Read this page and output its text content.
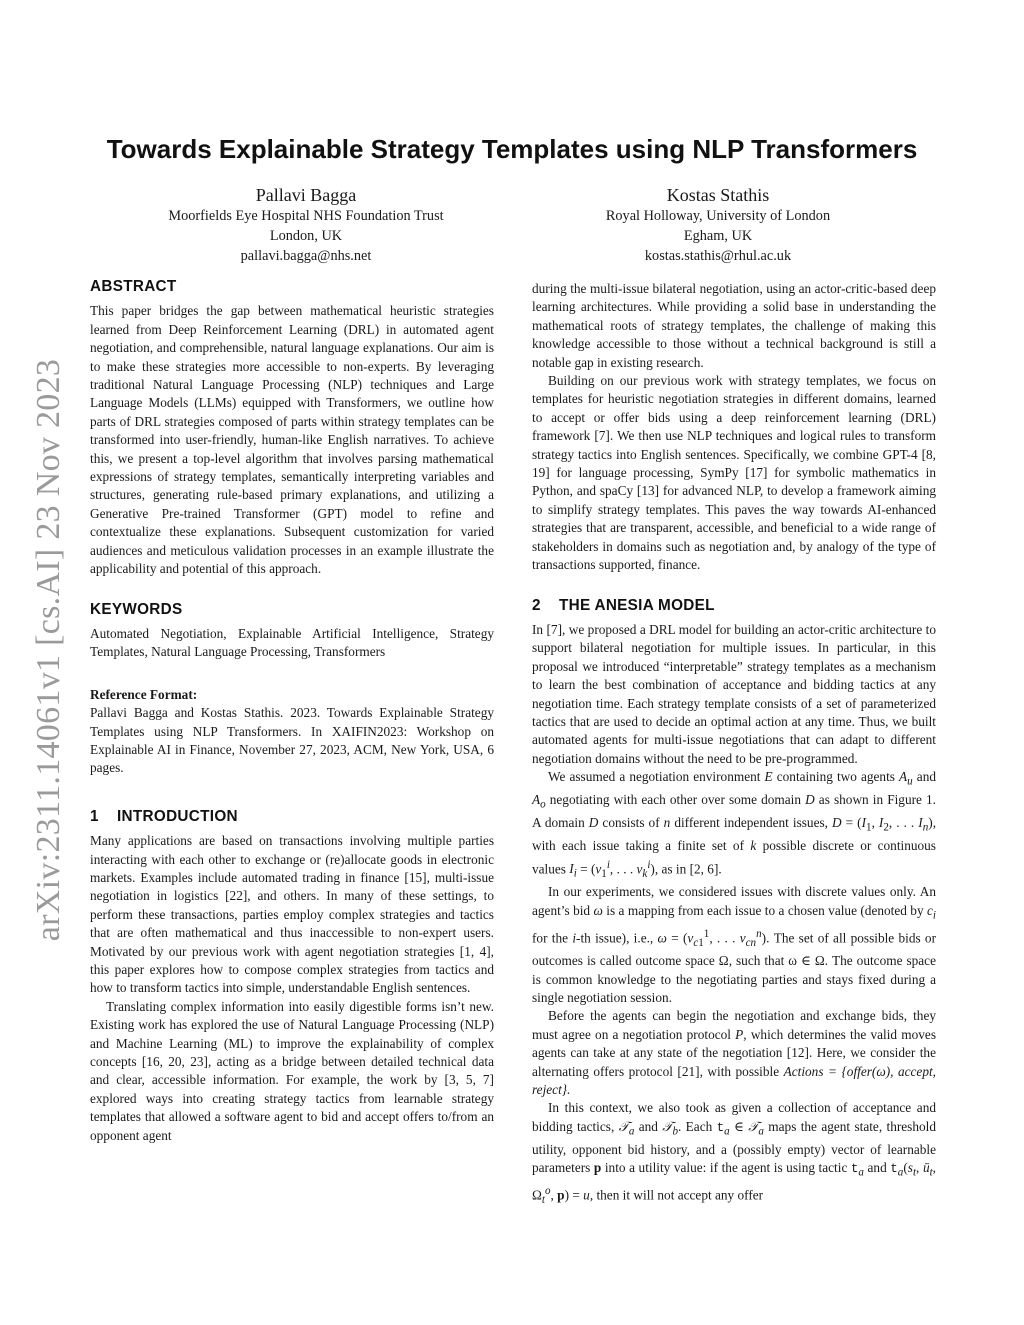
arXiv:2311.14061v1 [cs.AI] 23 Nov 2023
Towards Explainable Strategy Templates using NLP Transformers
Pallavi Bagga
Moorfields Eye Hospital NHS Foundation Trust
London, UK
pallavi.bagga@nhs.net
Kostas Stathis
Royal Holloway, University of London
Egham, UK
kostas.stathis@rhul.ac.uk
ABSTRACT

This paper bridges the gap between mathematical heuristic strategies learned from Deep Reinforcement Learning (DRL) in automated agent negotiation, and comprehensible, natural language explanations. Our aim is to make these strategies more accessible to non-experts. By leveraging traditional Natural Language Processing (NLP) techniques and Large Language Models (LLMs) equipped with Transformers, we outline how parts of DRL strategies composed of parts within strategy templates can be transformed into user-friendly, human-like English narratives. To achieve this, we present a top-level algorithm that involves parsing mathematical expressions of strategy templates, semantically interpreting variables and structures, generating rule-based primary explanations, and utilizing a Generative Pre-trained Transformer (GPT) model to refine and contextualize these explanations. Subsequent customization for varied audiences and meticulous validation processes in an example illustrate the applicability and potential of this approach.

KEYWORDS

Automated Negotiation, Explainable Artificial Intelligence, Strategy Templates, Natural Language Processing, Transformers

Reference Format:

Pallavi Bagga and Kostas Stathis. 2023. Towards Explainable Strategy Templates using NLP Transformers. In XAIFIN2023: Workshop on Explainable AI in Finance, November 27, 2023, ACM, New York, USA, 6 pages.

1 INTRODUCTION

Many applications are based on transactions involving multiple parties interacting with each other to exchange or (re)allocate goods in electronic markets. Examples include automated trading in finance [15], multi-issue negotiation in logistics [22], and others. In many of these settings, to perform these transactions, parties employ complex strategies and tactics that are often mathematical and thus inaccessible to non-expert users. Motivated by our previous work with agent negotiation strategies [1, 4], this paper explores how to compose complex strategies from tactics and how to transform tactics into simple, understandable English sentences.

Translating complex information into easily digestible forms isn’t new. Existing work has explored the use of Natural Language Processing (NLP) and Machine Learning (ML) to improve the explainability of complex concepts [16, 20, 23], acting as a bridge between detailed technical data and clear, accessible information. For example, the work by [3, 5, 7] explored ways into creating strategy tactics from learnable strategy templates that allowed a software agent to bid and accept offers to/from an opponent agent

during the multi-issue bilateral negotiation, using an actor-critic-based deep learning architectures. While providing a solid base in understanding the mathematical roots of strategy templates, the challenge of making this knowledge accessible to those without a technical background is still a notable gap in existing research.

Building on our previous work with strategy templates, we focus on templates for heuristic negotiation strategies in different domains, learned to accept or offer bids using a deep reinforcement learning (DRL) framework [7]. We then use NLP techniques and logical rules to transform strategy tactics into English sentences. Specifically, we combine GPT-4 [8, 19] for language processing, SymPy [17] for symbolic mathematics in Python, and spaCy [13] for advanced NLP, to develop a framework aiming to simplify strategy templates. This paves the way towards AI-enhanced strategies that are transparent, accessible, and beneficial to a wide range of stakeholders in domains such as negotiation and, by analogy of the type of transactions supported, finance.

2 THE ANESIA MODEL

In [7], we proposed a DRL model for building an actor-critic architecture to support bilateral negotiation for multiple issues. In particular, in this proposal we introduced “interpretable” strategy templates as a mechanism to learn the best combination of acceptance and bidding tactics at any negotiation time. Each strategy template consists of a set of parameterized tactics that are used to decide an optimal action at any time. Thus, we built automated agents for multi-issue negotiations that can adapt to different negotiation domains without the need to be pre-programmed.

We assumed a negotiation environment E containing two agents $A_u$ and $A_o$ negotiating with each other over some domain D as shown in Figure 1. A domain D consists of n different independent issues, $D = (I_1$, $I_2$, . . . $I_n$), with each issue taking a finite set of k possible discrete or continuous values $I_i = (v_1^i$, . . . $v_k^i$), as in [2, 6].

In our experiments, we considered issues with discrete values only. An agent’s bid ω is a mapping from each issue to a chosen value (denoted by $c_i$ for the i-th issue), i.e., $\omega = (v_{c1}^1$, . . . $v_{cn}^n$). The set of all possible bids or outcomes is called outcome space Ω, such that ω ∈ Ω. The outcome space is common knowledge to the negotiating parties and stays fixed during a single negotiation session.

Before the agents can begin the negotiation and exchange bids, they must agree on a negotiation protocol P, which determines the valid moves agents can take at any state of the negotiation [12]. Here, we consider the alternating offers protocol [21], with possible Actions = {offer(ω), accept, reject}.

In this context, we also took as given a collection of acceptance and bidding tactics, 𝒯$_a$ and 𝒯$_b$. Each $t_a$ ∈ 𝒯$_a$ maps the agent state, threshold utility, opponent bid history, and a (possibly empty) vector of learnable parameters p into a utility value: if the agent is using tactic $t_a$ and $t_a(s_t$, $ū_t$, $\Omega_t^o$, p) = u, then it will not accept any offer
